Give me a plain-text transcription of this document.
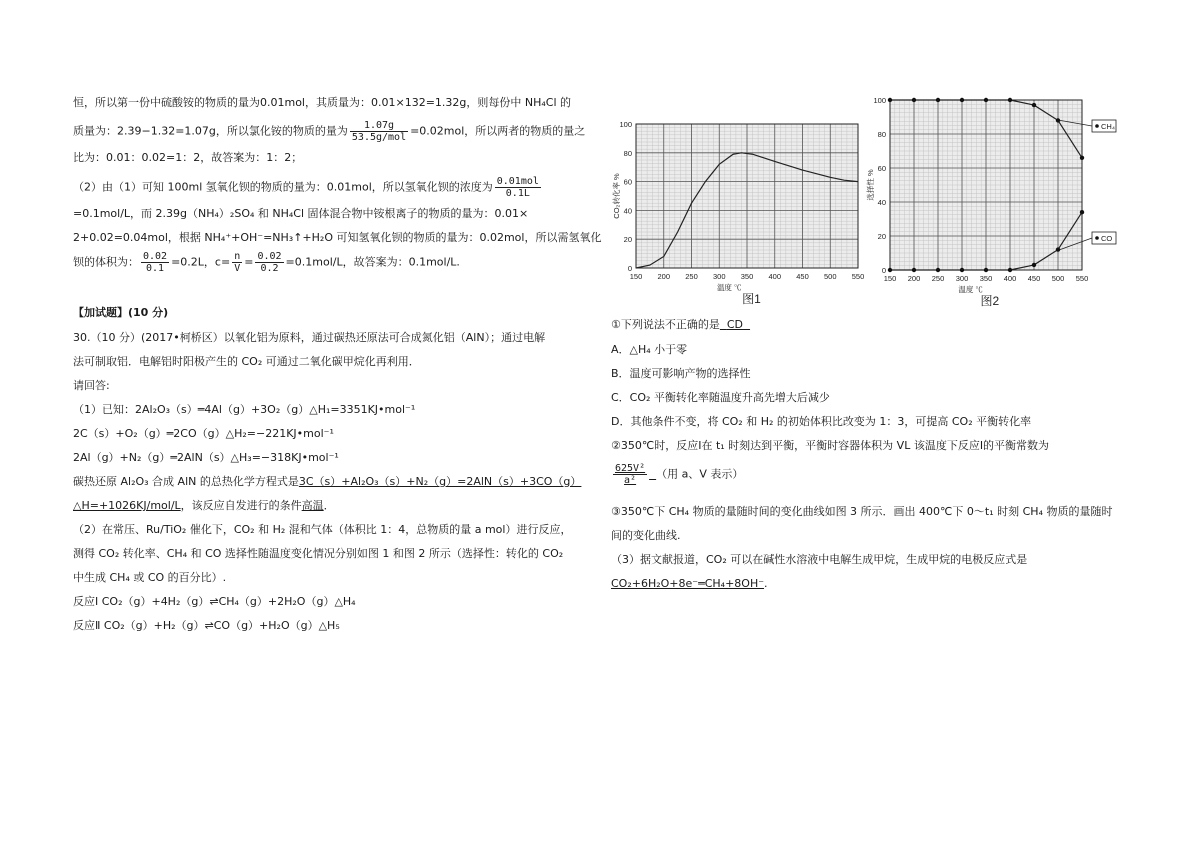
恒，所以第一份中硫酸铵的物质的量为0.01mol，其质量为：0.01×132=1.32g，则每份中 NH₄Cl 的
质量为：2.39−1.32=1.07g，所以氯化铵的物质的量为 $\frac{1.07g}{\text{53.5g/mol}} =0.02mol$，所以两者的物质的量之
比为：0.01：0.02=1：2，故答案为：1：2；
（2）由（1）可知 100ml 氢氧化钡的物质的量为：0.01mol，所以氢氧化钡的浓度为 $\frac{\text{0.01mol}}{0.1L}$
=0.1mol/L，而 2.39g（NH₄）₂SO₄ 和 NH₄Cl 固体混合物中铵根离子的物质的量为：0.01×
2+0.02=0.04mol，根据 NH₄⁺+OH⁻=NH₃↑+H₂O 可知氢氧化钡的物质的量为：0.02mol，所以需氢氧化
钡的体积为： $\frac{0.02}{0.1} =0.2L$，$c= \frac{n}{V} = \frac{0.02}{0.2} =0.1mol/L$，故答案为：0.1mol/L.
【加试题】(10 分)
30.（10 分）(2017•柯桥区）以氧化铝为原料，通过碳热还原法可合成氮化铝（AlN）；通过电解
法可制取铝．电解铝时阳极产生的 CO₂ 可通过二氧化碳甲烷化再利用．
请回答:
（1）已知：2Al₂O₃（s）═4Al（g）+3O₂（g）△H₁=3351KJ•mol⁻¹
2C（s）+O₂（g）═2CO（g）△H₂=−221KJ•mol⁻¹
2Al（g）+N₂（g）═2AlN（s）△H₃=−318KJ•mol⁻¹
碳热还原 Al₂O₃ 合成 AlN 的总热化学方程式是3C（s）+Al₂O₃（s）+N₂（g）=2AlN（s）+3CO（g）
△H=+1026KJ/mol/L，该反应自发进行的条件高温．
（2）在常压、Ru/TiO₂ 催化下，CO₂ 和 H₂ 混和气体（体积比 1：4，总物质的量 a mol）进行反应，
测得 CO₂ 转化率、CH₄ 和 CO 选择性随温度变化情况分别如图 1 和图 2 所示（选择性：转化的 CO₂
中生成 CH₄ 或 CO 的百分比）.
反应Ⅰ CO₂（g）+4H₂（g）⇌CH₄（g）+2H₂O（g）△H₄
反应Ⅱ CO₂（g）+H₂（g）⇌CO（g）+H₂O（g）△H₅
150 200 250 300 350 400 450 500 550
0
20
40
60
80
100
温度 ℃
CO₂转化率 %
图1
150 200 250 300 350 400 450 500 550
0
20
40
60
80
100
温度 ℃
选择性 %
图2
CH₄
CO
①下列说法不正确的是 CD
A．△H₄ 小于零
B．温度可影响产物的选择性
C．CO₂ 平衡转化率随温度升高先增大后减少
D．其他条件不变，将 CO₂ 和 H₂ 的初始体积比改变为 1：3，可提高 CO₂ 平衡转化率
②350℃时，反应Ⅰ在 t₁ 时刻达到平衡，平衡时容器体积为 VL 该温度下反应Ⅰ的平衡常数为
$\frac{\text{625V²}}{\text{a²}}$ （用 a、V 表示）
③350℃下 CH₄ 物质的量随时间的变化曲线如图 3 所示．画出 400℃下 0～t₁ 时刻 CH₄ 物质的量随时
间的变化曲线.
（3）据文献报道，CO₂ 可以在碱性水溶液中电解生成甲烷，生成甲烷的电极反应式是
CO₂+6H₂O+8e⁻═CH₄+8OH⁻.
